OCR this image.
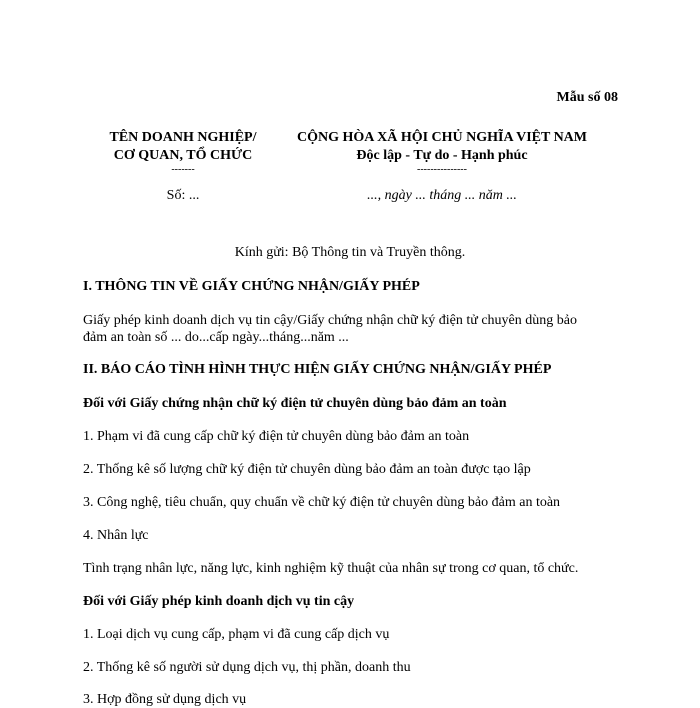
Mẫu số 08
TÊN DOANH NGHIỆP/
CƠ QUAN, TỔ CHỨC
-------
CỘNG HÒA XÃ HỘI CHỦ NGHĨA VIỆT NAM
Độc lập - Tự do - Hạnh phúc
---------------
Số: ...	..., ngày ... tháng ... năm ...
Kính gửi: Bộ Thông tin và Truyền thông.
I. THÔNG TIN VỀ GIẤY CHỨNG NHẬN/GIẤY PHÉP
Giấy phép kinh doanh dịch vụ tin cậy/Giấy chứng nhận chữ ký điện tử chuyên dùng bảo
đảm an toàn số ... do...cấp ngày...tháng...năm ...
II. BÁO CÁO TÌNH HÌNH THỰC HIỆN GIẤY CHỨNG NHẬN/GIẤY PHÉP
Đối với Giấy chứng nhận chữ ký điện tử chuyên dùng bảo đảm an toàn
1. Phạm vi đã cung cấp chữ ký điện tử chuyên dùng bảo đảm an toàn
2. Thống kê số lượng chữ ký điện tử chuyên dùng bảo đảm an toàn được tạo lập
3. Công nghệ, tiêu chuẩn, quy chuẩn về chữ ký điện tử chuyên dùng bảo đảm an toàn
4. Nhân lực
Tình trạng nhân lực, năng lực, kinh nghiệm kỹ thuật của nhân sự trong cơ quan, tổ chức.
Đối với Giấy phép kinh doanh dịch vụ tin cậy
1. Loại dịch vụ cung cấp, phạm vi đã cung cấp dịch vụ
2. Thống kê số người sử dụng dịch vụ, thị phần, doanh thu
3. Hợp đồng sử dụng dịch vụ
